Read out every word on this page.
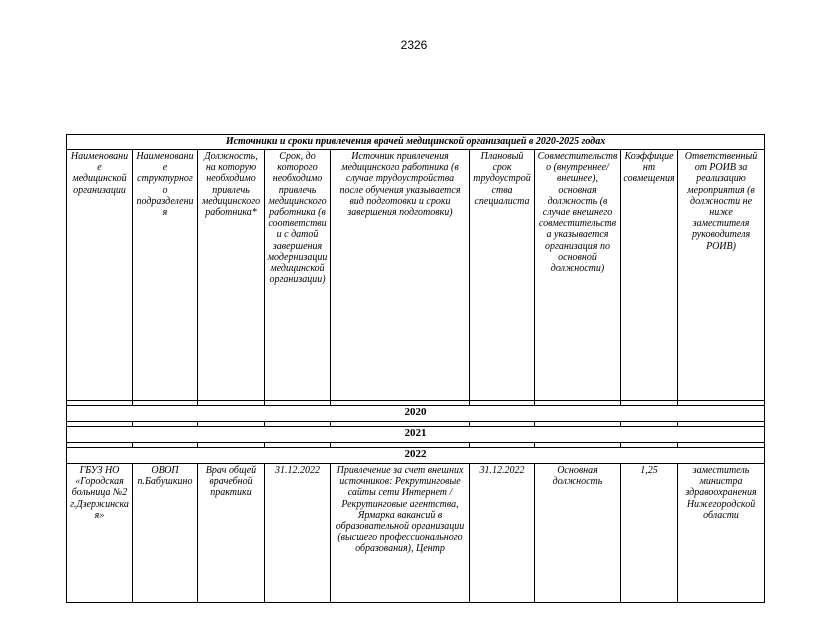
2326
Источники и сроки привлечения врачей медицинской организацией в 2020-2025 годах								
Наименование медицинской организации	Наименование структурного подразделения	Должность, на которую необходимо привлечь медицинского работника*	Срок, до которого необходимо привлечь медицинского работника (в соответствии с датой завершения модернизации медицинской организации)	Источник привлечения медицинского работника (в случае трудоустройства после обучения указывается вид подготовки и сроки завершения подготовки)	Плановый срок трудоустройства специалиста	Совместительство (внутреннее/внешнее), основная должность (в случае внешнего совместительства указывается организация по основной должности)	Коэффициент совмещения	Ответственный от РОИВ за реализацию мероприятия (в должности не ниже заместителя руководителя РОИВ)

2020								

2021								

2022								
ГБУЗ НО «Городская больница №2 г.Дзержинская»	ОВОП п.Бабушкино	Врач общей врачебной практики	31.12.2022	Привлечение за счет внешних источников: Рекрутинговые сайты сети Интернет / Рекрутинговые агентства, Ярмарка вакансий в образовательной организации (высшего профессионального образования), Центр	31.12.2022	Основная должность	1,25	заместитель министра здравоохранения Нижегородской области
